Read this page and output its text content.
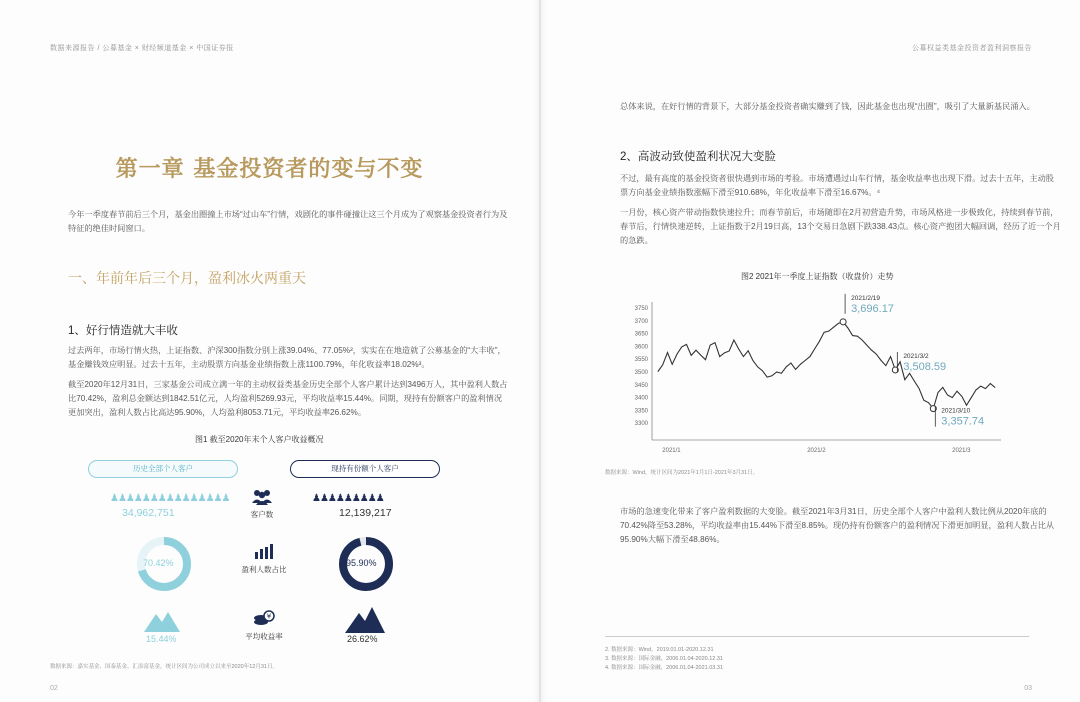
数据来源报告 / 公募基金 × 财经频道基金 × 中国证券报
第一章 基金投资者的变与不变
今年一季度春节前后三个月，基金出圈撞上市场“过山车”行情，戏剧化的事件碰撞让这三个月成为了观察基金投资者行为及特征的绝佳时间窗口。
一、年前年后三个月，盈利冰火两重天
1、好行情造就大丰收
过去两年，市场行情火热，上证指数、沪深300指数分别上涨39.04%、77.05%²，实实在在地造就了公募基金的“大丰收”，基金赚钱效应明显。过去十五年，主动股票方向基金业绩指数上涨1100.79%，年化收益率18.02%³。
截至2020年12月31日，三家基金公司成立满一年的主动权益类基金历史全部个人客户累计达到3496万人，其中盈利人数占比70.42%，盈利总金额达到1842.51亿元，人均盈利5269.93元，平均收益率15.44%。同期，现持有份额客户的盈利情况更加突出，盈利人数占比高达95.90%，人均盈利8053.71元，平均收益率26.62%。
图1 截至2020年末个人客户收益概况
历史全部个人客户	现持有份额个人客户
♟♟♟♟♟♟♟♟♟♟♟♟♟♟♟	♟♟♟♟♟♟♟♟♟
34,962,751	12,139,217
客户数
70.42%	95.90%
盈利人数占比
15.44%	26.62%
¥
平均收益率
数据来源：嘉实基金、国泰基金、汇添富基金，统计区间为公司成立以来至2020年12月31日。
02
公募权益类基金投资者盈利洞察报告
总体来说，在好行情的背景下，大部分基金投资者确实赚到了钱，因此基金也出现“出圈”，吸引了大量新基民涌入。
2、高波动致使盈利状况大变脸
不过，最有高度的基金投资者很快遇到市场的考验。市场遭遇过山车行情，基金收益率也出现下滑。过去十五年，主动股票方向基金业绩指数涨幅下滑至910.68%，年化收益率下滑至16.67%。⁴
一月份，核心资产带动指数快速拉升；而春节前后，市场随即在2月初营造升势，市场风格进一步极致化，持续到春节前，春节后，行情快速逆转，上证指数于2月19日高，13个交易日急剧下跌338.43点。核心资产抱团大幅回调，经历了近一个月的急跌。
图2 2021年一季度上证指数（收盘价）走势
数据来源：Wind，统计区间为2021年1月1日-2021年3月31日。
市场的急速变化带来了客户盈利数据的大变脸。截至2021年3月31日，历史全部个人客户中盈利人数比例从2020年底的70.42%降至53.28%，平均收益率由15.44%下滑至8.85%。现仍持有份额客户的盈利情况下滑更加明显，盈利人数占比从95.90%大幅下滑至48.86%。
2. 数据来源：Wind，2019.01.01-2020.12.31
3. 数据来源：国际金融，2006.01.04-2020.12.31
4. 数据来源：国际金融，2006.01.04-2021.03.31
03
3300
3350
3400
3450
3500
3550
3600
3650
3700
3750
2021/1	2021/2	2021/3
2021/2/19
3,696.17
2021/3/2
3,508.59
2021/3/10
3,357.74
